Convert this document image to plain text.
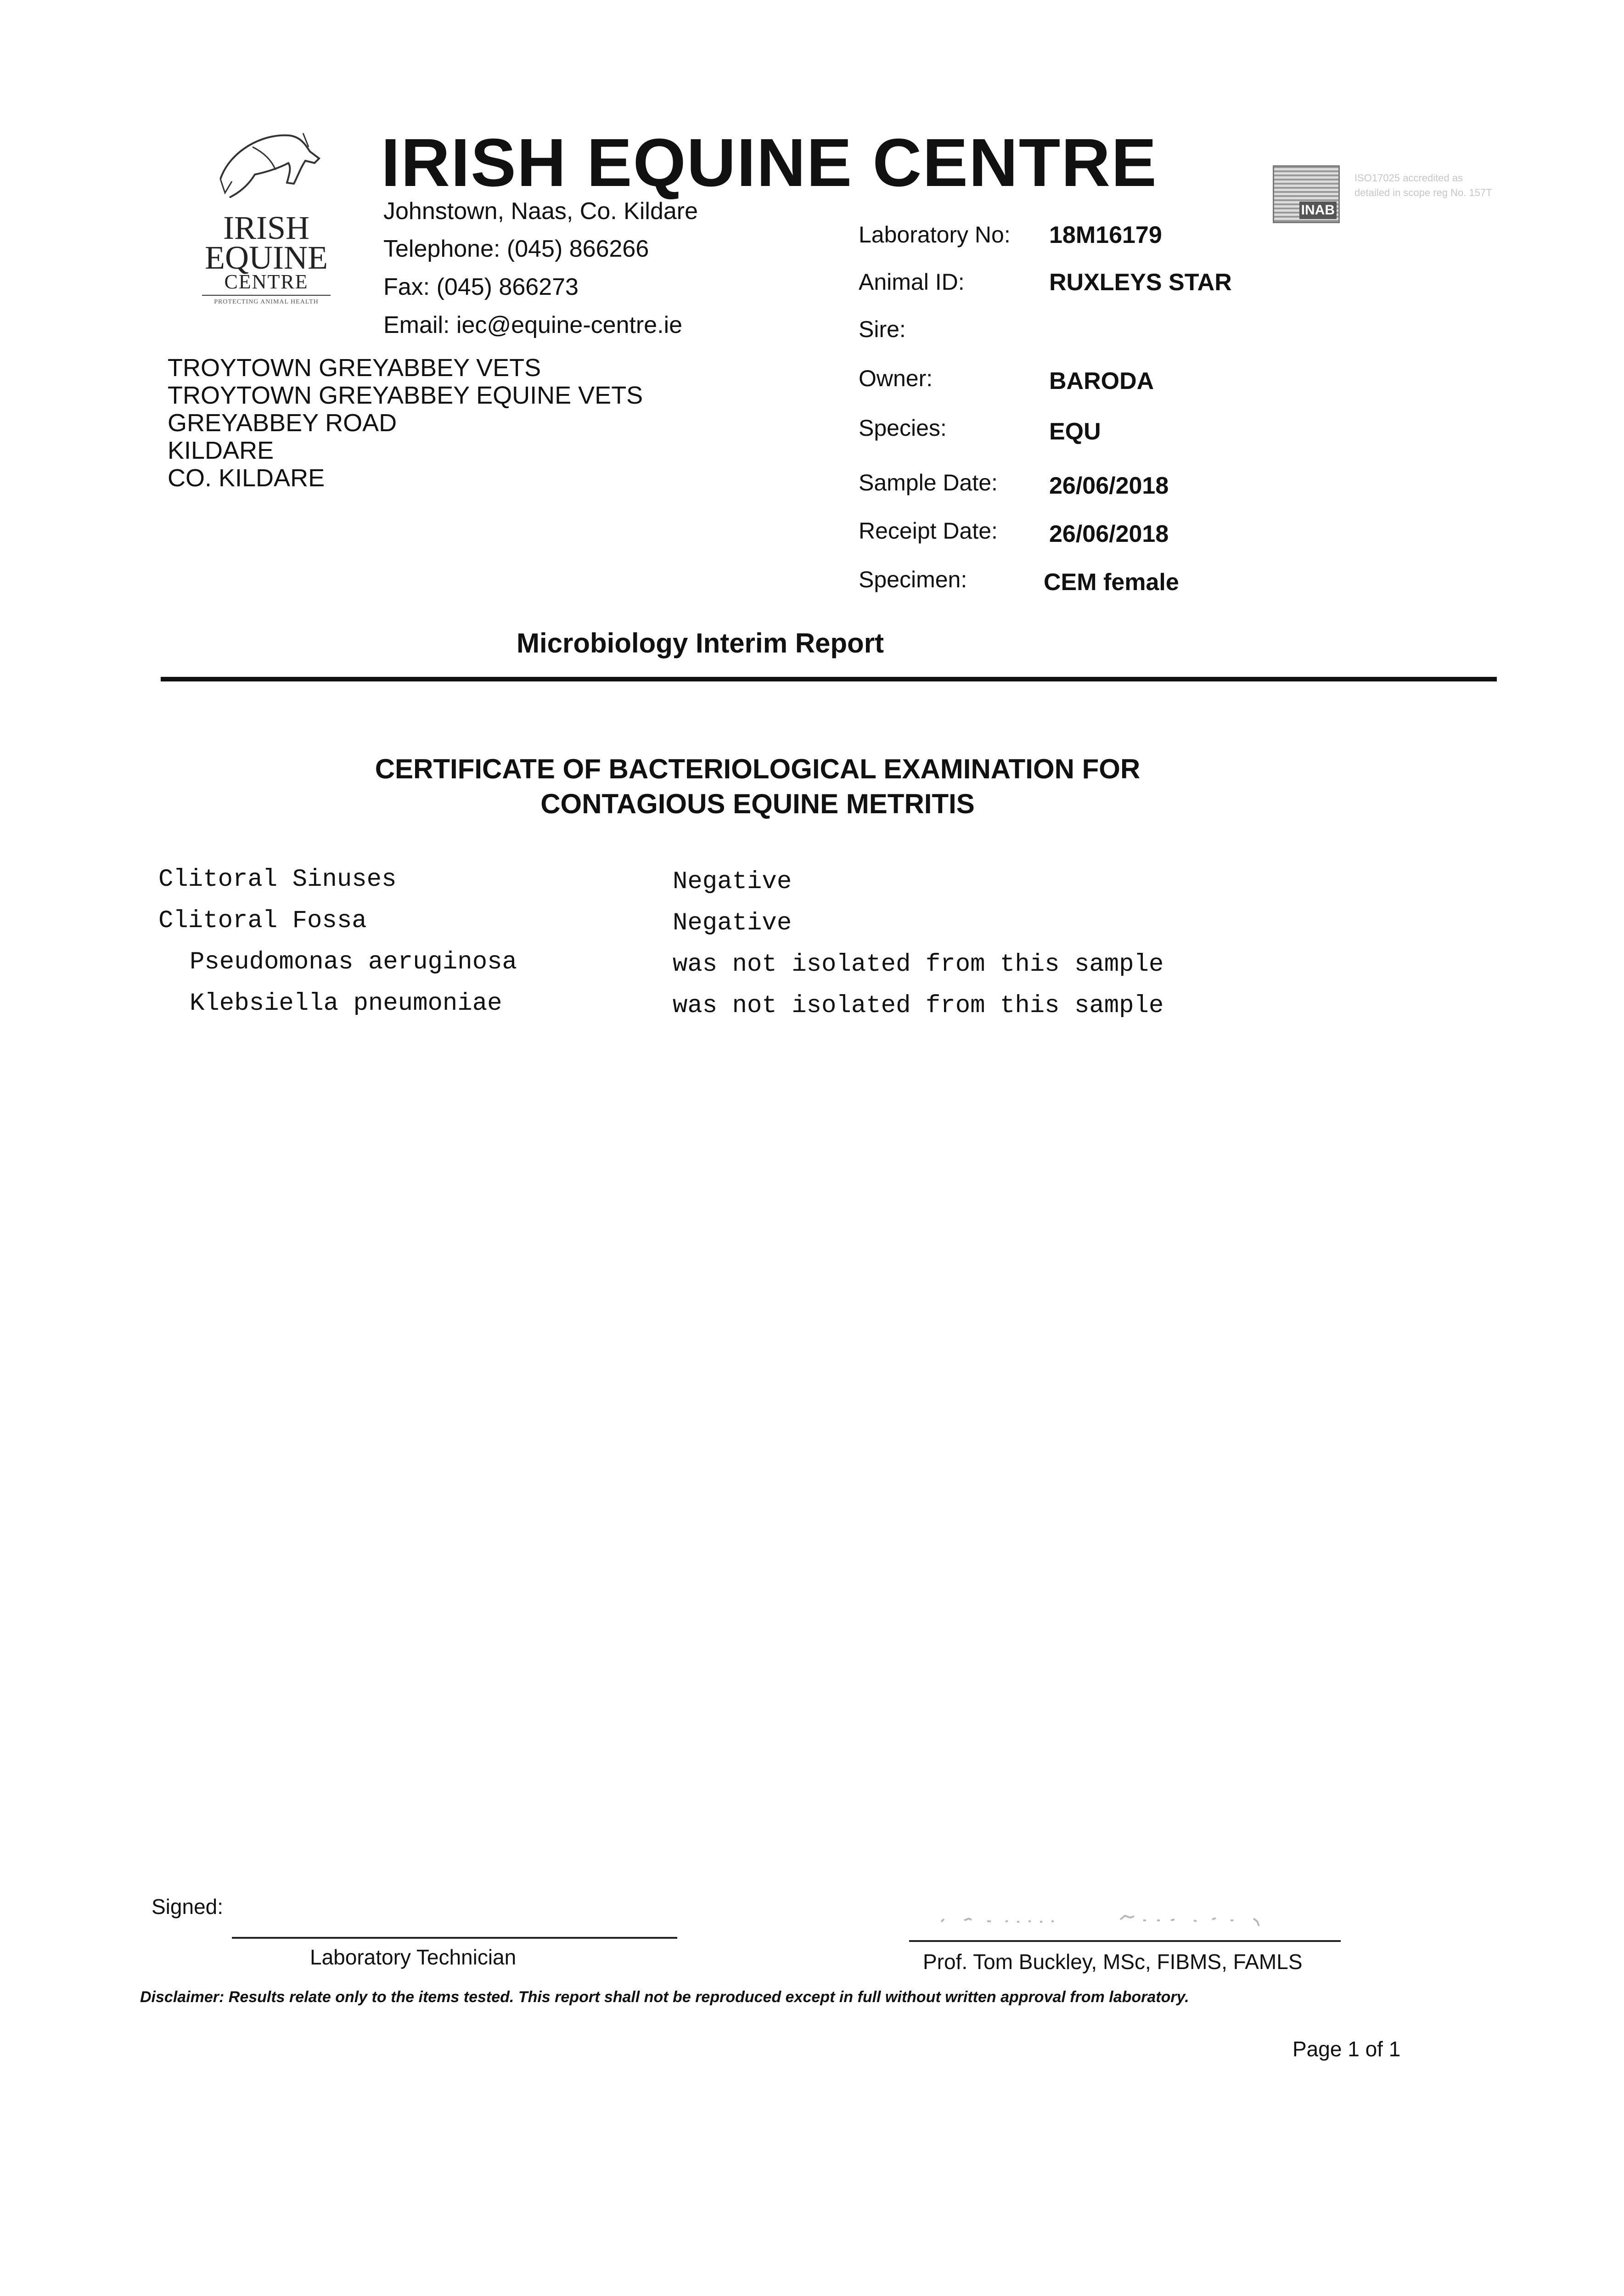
IRISH
EQUINE
CENTRE
PROTECTING ANIMAL HEALTH
IRISH EQUINE CENTRE
Johnstown, Naas, Co. Kildare
Telephone: (045) 866266
Fax: (045) 866273
Email: iec@equine-centre.ie
INAB
ISO17025 accredited as detailed in scope reg No. 157T
TROYTOWN GREYABBEY VETS
TROYTOWN GREYABBEY EQUINE VETS
GREYABBEY ROAD
KILDARE
CO. KILDARE
Laboratory No: 18M16179
Animal ID:	RUXLEYS STAR
Sire:
Owner:	BARODA
Species:	EQU
Sample Date: 26/06/2018
Receipt Date: 26/06/2018
Specimen:	CEM female
Microbiology Interim Report
CERTIFICATE OF BACTERIOLOGICAL EXAMINATION FOR
CONTAGIOUS EQUINE METRITIS
Clitoral Sinuses	Negative
Clitoral Fossa	Negative
Pseudomonas aeruginosa	was not isolated from this sample
Klebsiella pneumoniae	was not isolated from this sample
Signed:
Laboratory Technician	Prof. Tom Buckley, MSc, FIBMS, FAMLS
Disclaimer: Results relate only to the items tested. This report shall not be reproduced except in full without written approval from laboratory.
Page 1 of 1
